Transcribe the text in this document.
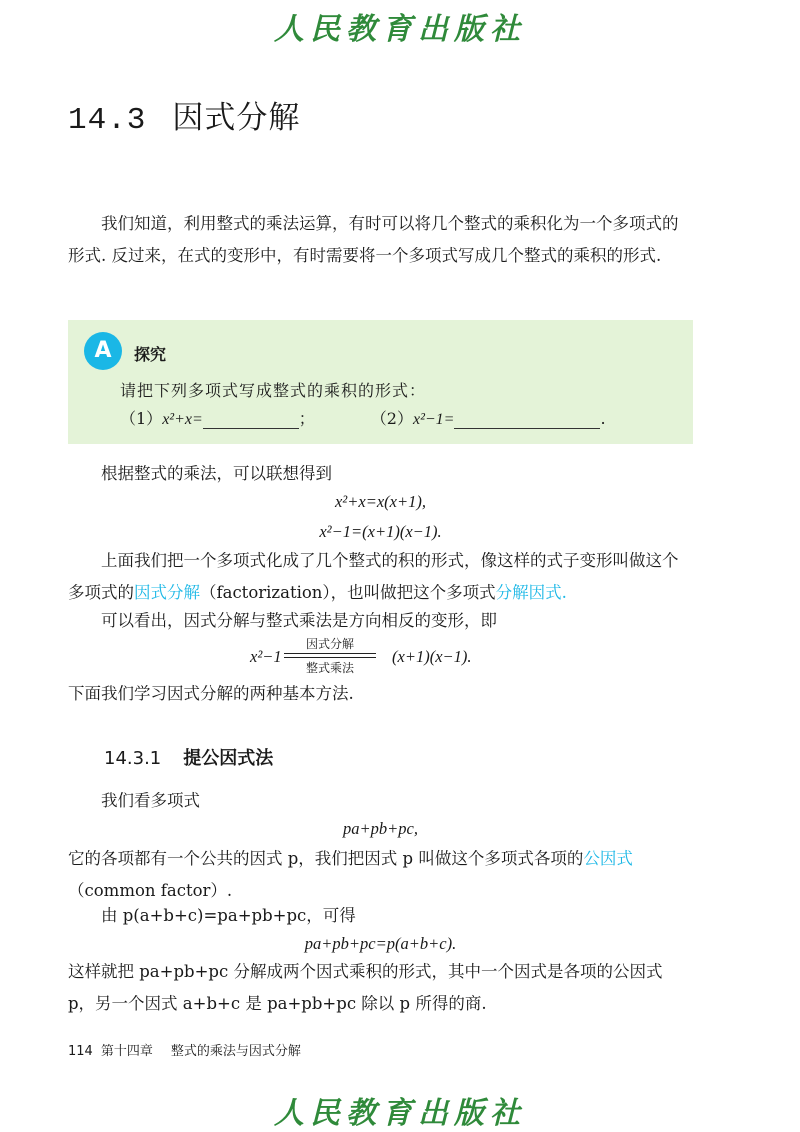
人民教育出版社
14.3 因式分解
我们知道，利用整式的乘法运算，有时可以将几个整式的乘积化为一个多项式的形式. 反过来，在式的变形中，有时需要将一个多项式写成几个整式的乘积的形式.
A	探究
请把下列多项式写成整式的乘积的形式：
（1）x²+x=	；	（2）x²−1=	.
根据整式的乘法，可以联想得到
x²+x=x(x+1),
x²−1=(x+1)(x−1).
上面我们把一个多项式化成了几个整式的积的形式，像这样的式子变形叫做这个多项式的因式分解（factorization），也叫做把这个多项式分解因式.
可以看出，因式分解与整式乘法是方向相反的变形，即
x²−1
因式分解
整式乘法
(x+1)(x−1).
下面我们学习因式分解的两种基本方法.
14.3.1 提公因式法
我们看多项式
pa+pb+pc,
它的各项都有一个公共的因式 p，我们把因式 p 叫做这个多项式各项的公因式（common factor）.
由 p(a+b+c)=pa+pb+pc，可得
pa+pb+pc=p(a+b+c).
这样就把 pa+pb+pc 分解成两个因式乘积的形式，其中一个因式是各项的公因式 p，另一个因式 a+b+c 是 pa+pb+pc 除以 p 所得的商.
114 第十四章 整式的乘法与因式分解
人民教育出版社
